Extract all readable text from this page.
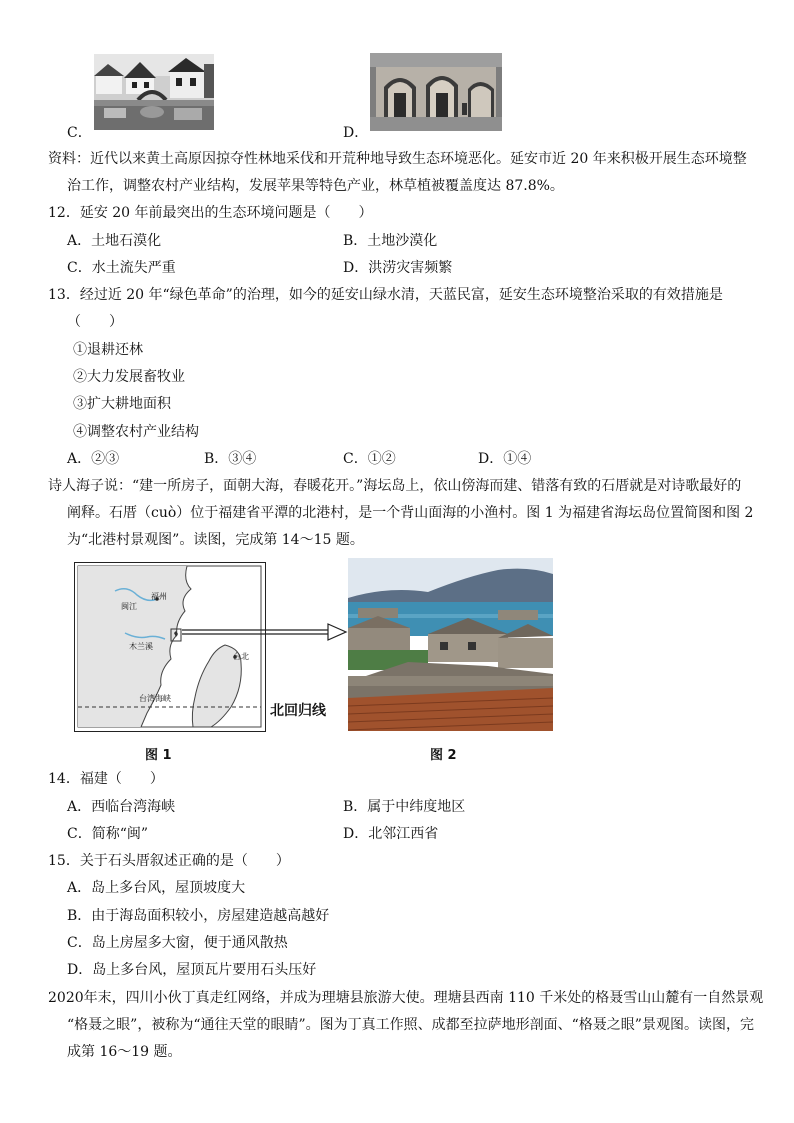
C．	D．
资料：近代以来黄土高原因掠夺性林地采伐和开荒种地导致生态环境恶化。延安市近 20 年来积极开展生态环境整
治工作，调整农村产业结构，发展苹果等特色产业，林草植被覆盖度达 87.8%。
12．延安 20 年前最突出的生态环境问题是（　　）
A．土地石漠化	B．土地沙漠化
C．水土流失严重	D．洪涝灾害频繁
13．经过近 20 年“绿色革命”的治理，如今的延安山绿水清，天蓝民富，延安生态环境整治采取的有效措施是
（　　）
①退耕还林
②大力发展畜牧业
③扩大耕地面积
④调整农村产业结构
A．②③	B．③④	C．①②	D．①④
诗人海子说：“建一所房子，面朝大海，春暖花开。”海坛岛上，依山傍海而建、错落有致的石厝就是对诗歌最好的
阐释。石厝（cuò）位于福建省平潭的北港村，是一个背山面海的小渔村。图 1 为福建省海坛岛位置简图和图 2
为“北港村景观图”。读图，完成第 14～15 题。
闽江
福州
木兰溪
台北
台湾海峡
北回归线
图 1	图 2
14．福建（　　）
A．西临台湾海峡	B．属于中纬度地区
C．简称“闽”	D．北邻江西省
15．关于石头厝叙述正确的是（　　）
A．岛上多台风，屋顶坡度大
B．由于海岛面积较小，房屋建造越高越好
C．岛上房屋多大窗，便于通风散热
D．岛上多台风，屋顶瓦片要用石头压好
2020年末，四川小伙丁真走红网络，并成为理塘县旅游大使。理塘县西南 110 千米处的格聂雪山山麓有一自然景观
“格聂之眼”，被称为“通往天堂的眼睛”。图为丁真工作照、成都至拉萨地形剖面、“格聂之眼”景观图。读图，完
成第 16～19 题。
